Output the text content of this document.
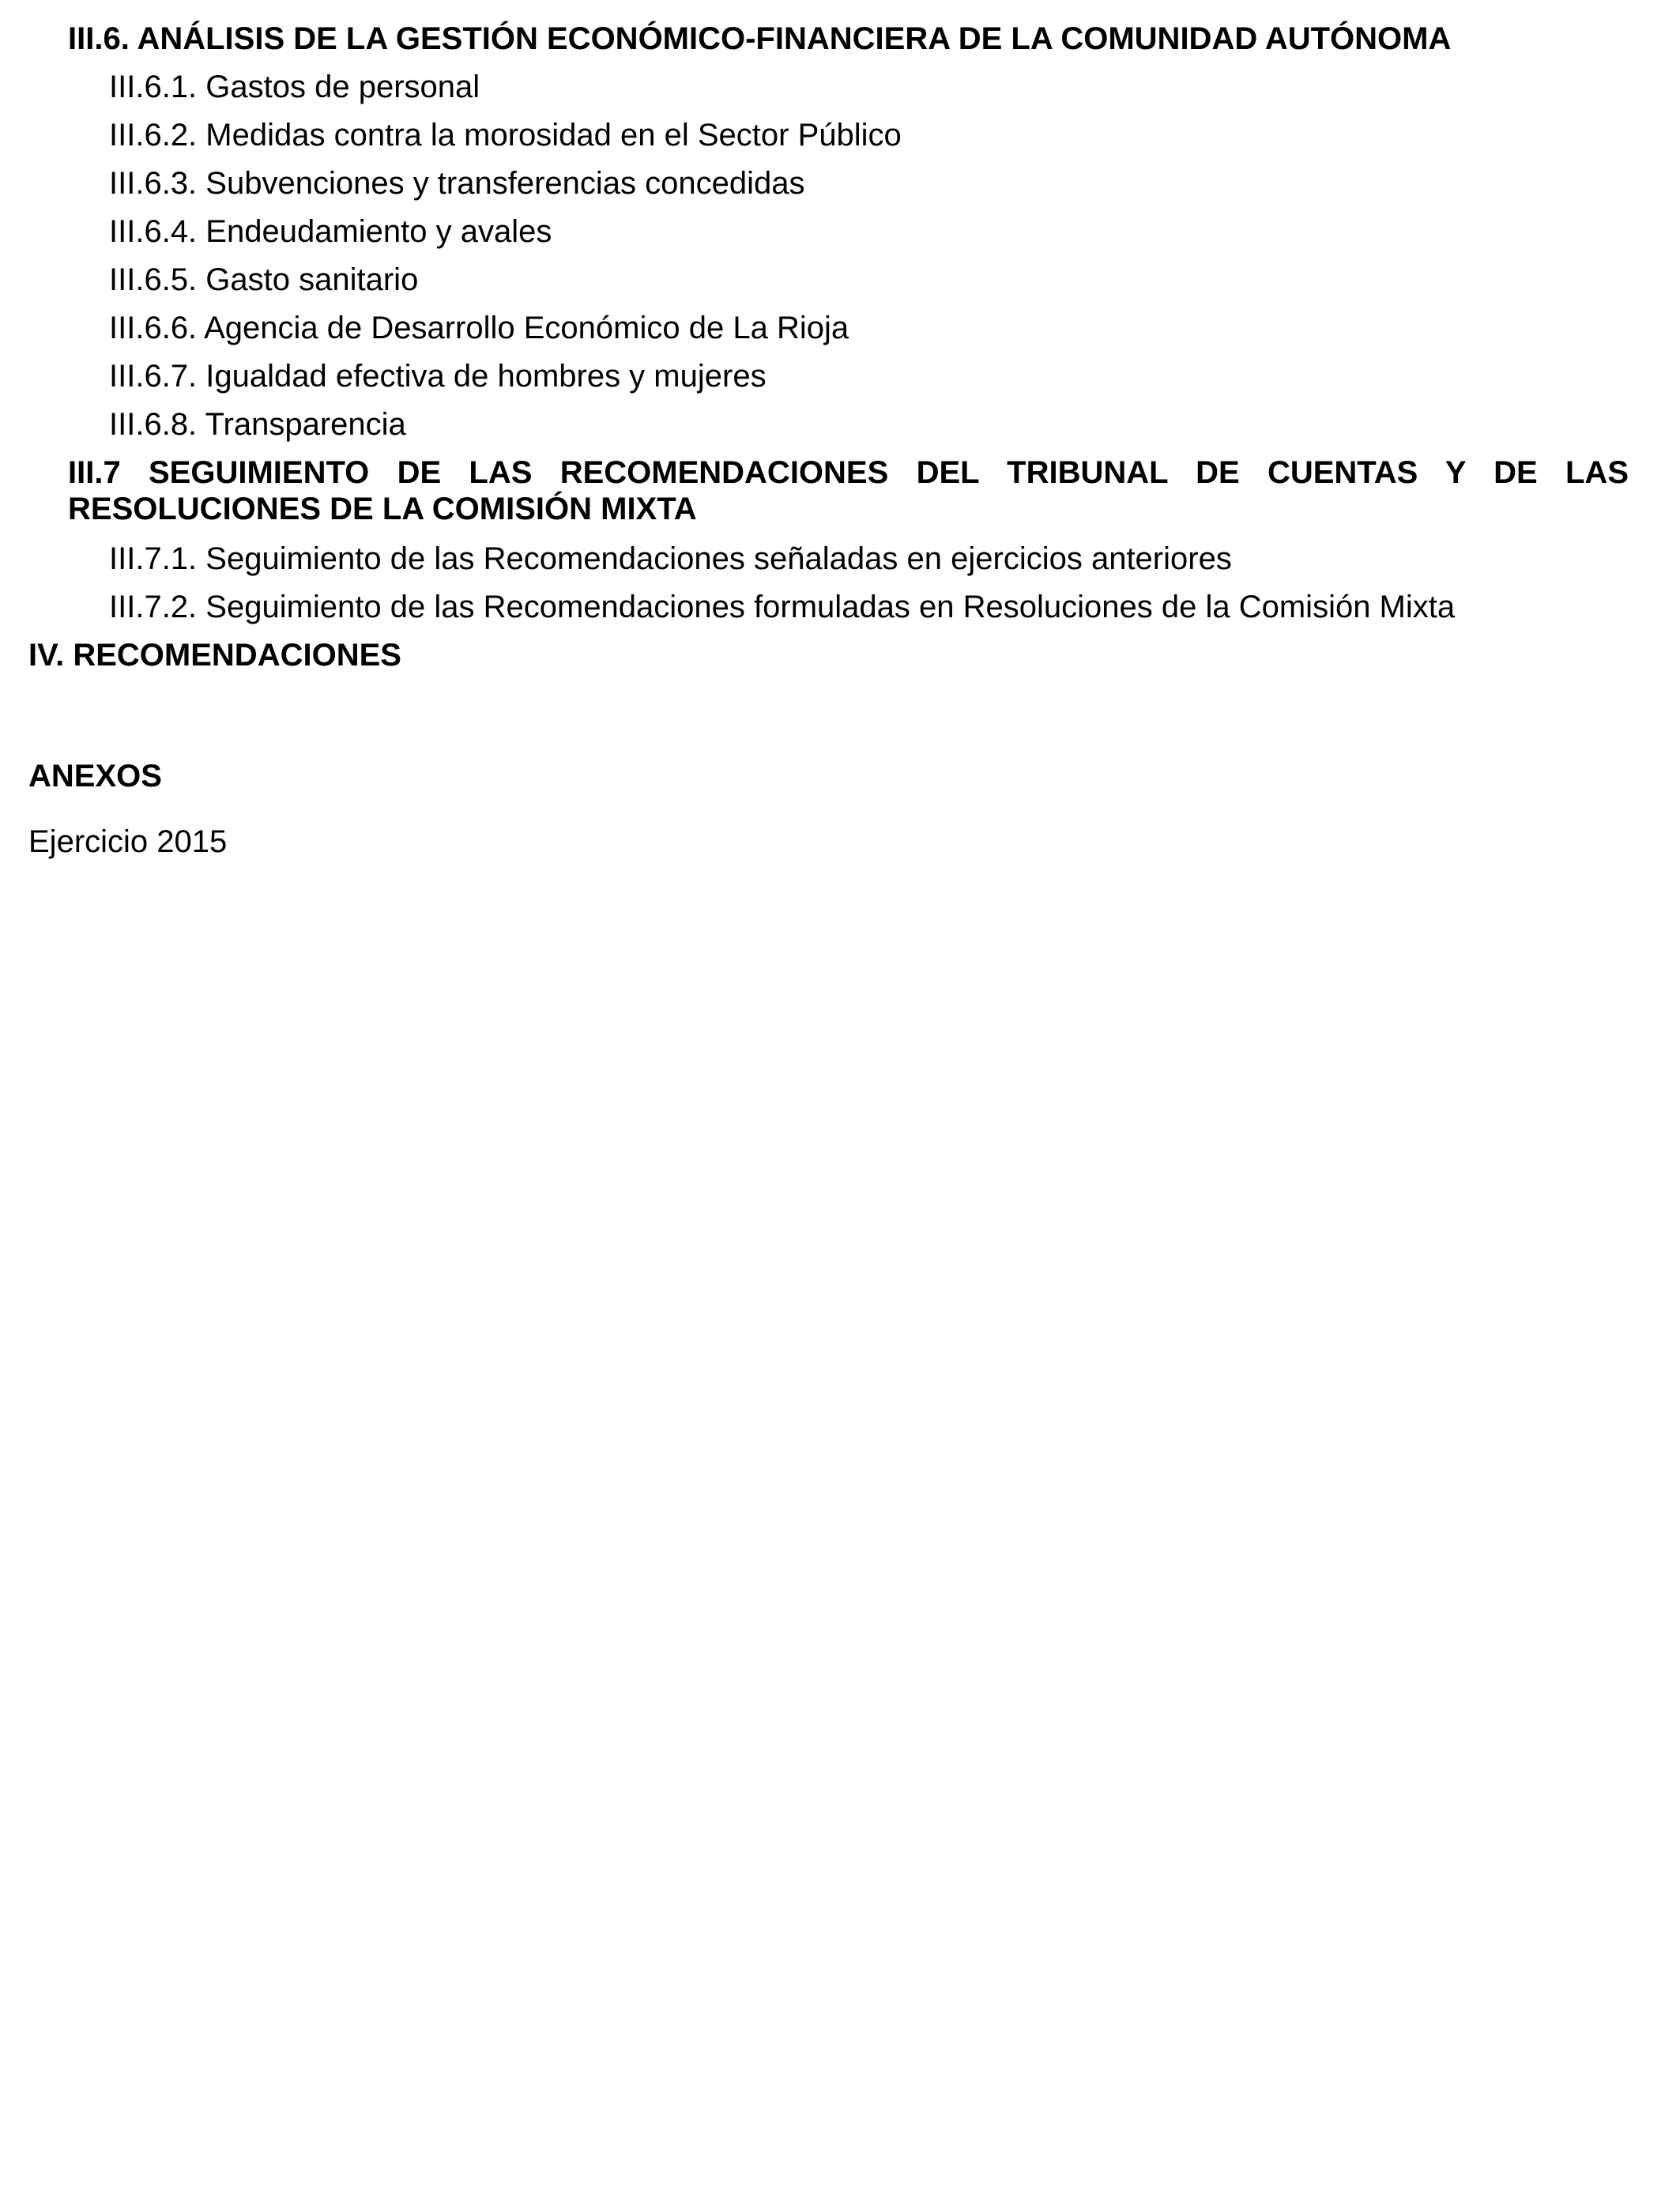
III.6. ANÁLISIS DE LA GESTIÓN ECONÓMICO-FINANCIERA DE LA COMUNIDAD AUTÓNOMA
III.6.1. Gastos de personal
III.6.2. Medidas contra la morosidad en el Sector Público
III.6.3. Subvenciones y transferencias concedidas
III.6.4. Endeudamiento y avales
III.6.5. Gasto sanitario
III.6.6. Agencia de Desarrollo Económico de La Rioja
III.6.7. Igualdad efectiva de hombres y mujeres
III.6.8. Transparencia
III.7 SEGUIMIENTO DE LAS RECOMENDACIONES DEL TRIBUNAL DE CUENTAS Y DE LAS RESOLUCIONES DE LA COMISIÓN MIXTA
III.7.1. Seguimiento de las Recomendaciones señaladas en ejercicios anteriores
III.7.2. Seguimiento de las Recomendaciones formuladas en Resoluciones de la Comisión Mixta
IV. RECOMENDACIONES
ANEXOS
Ejercicio 2015
